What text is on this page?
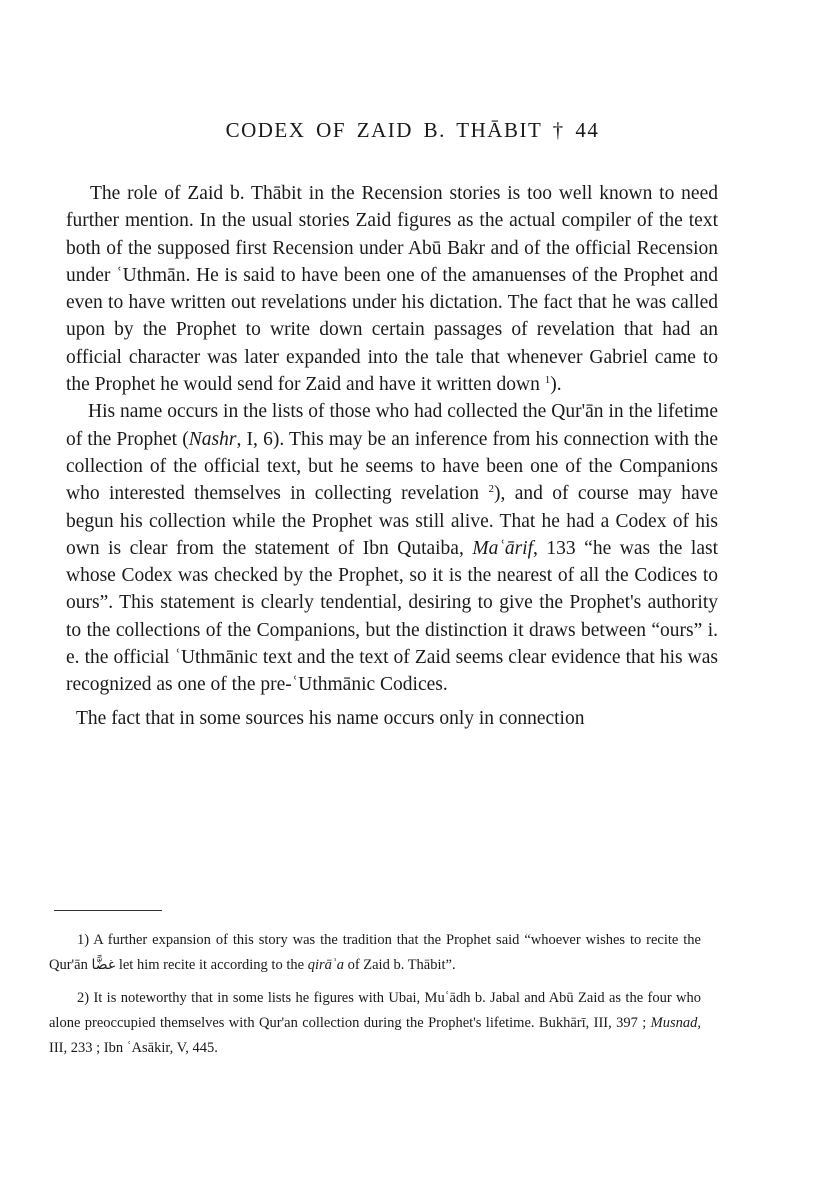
CODEX OF ZAID B. THĀBIT † 44

The role of Zaid b. Thābit in the Recension stories is too well known to need further mention. In the usual stories Zaid figures as the actual compiler of the text both of the supposed first Recension under Abū Bakr and of the official Recension under ʿUthmān. He is said to have been one of the amanuenses of the Prophet and even to have written out revelations under his dictation. The fact that he was called upon by the Prophet to write down certain passages of revelation that had an official character was later expanded into the tale that whenever Gabriel came to the Prophet he would send for Zaid and have it written down $^1$).

His name occurs in the lists of those who had collected the Qur'ān in the lifetime of the Prophet (Nashr, I, 6). This may be an inference from his connection with the collection of the official text, but he seems to have been one of the Companions who interested themselves in collecting revelation $^2$), and of course may have begun his collection while the Prophet was still alive. That he had a Codex of his own is clear from the statement of Ibn Qutaiba, Maʿārif, 133 “he was the last whose Codex was checked by the Prophet, so it is the nearest of all the Codices to ours”. This statement is clearly tendential, desiring to give the Prophet's authority to the collections of the Companions, but the distinction it draws between “ours” i. e. the official ʿUthmānic text and the text of Zaid seems clear evidence that his was recognized as one of the pre-ʿUthmānic Codices.

The fact that in some sources his name occurs only in connection

1) A further expansion of this story was the tradition that the Prophet said “whoever wishes to recite the Qur'ān غضًّا let him recite it according to the qirāʾa of Zaid b. Thābit”.

2) It is noteworthy that in some lists he figures with Ubai, Muʿādh b. Jabal and Abū Zaid as the four who alone preoccupied themselves with Qur'an collection during the Prophet's lifetime. Bukhārī, III, 397 ; Musnad, III, 233 ; Ibn ʿAsākir, V, 445.
